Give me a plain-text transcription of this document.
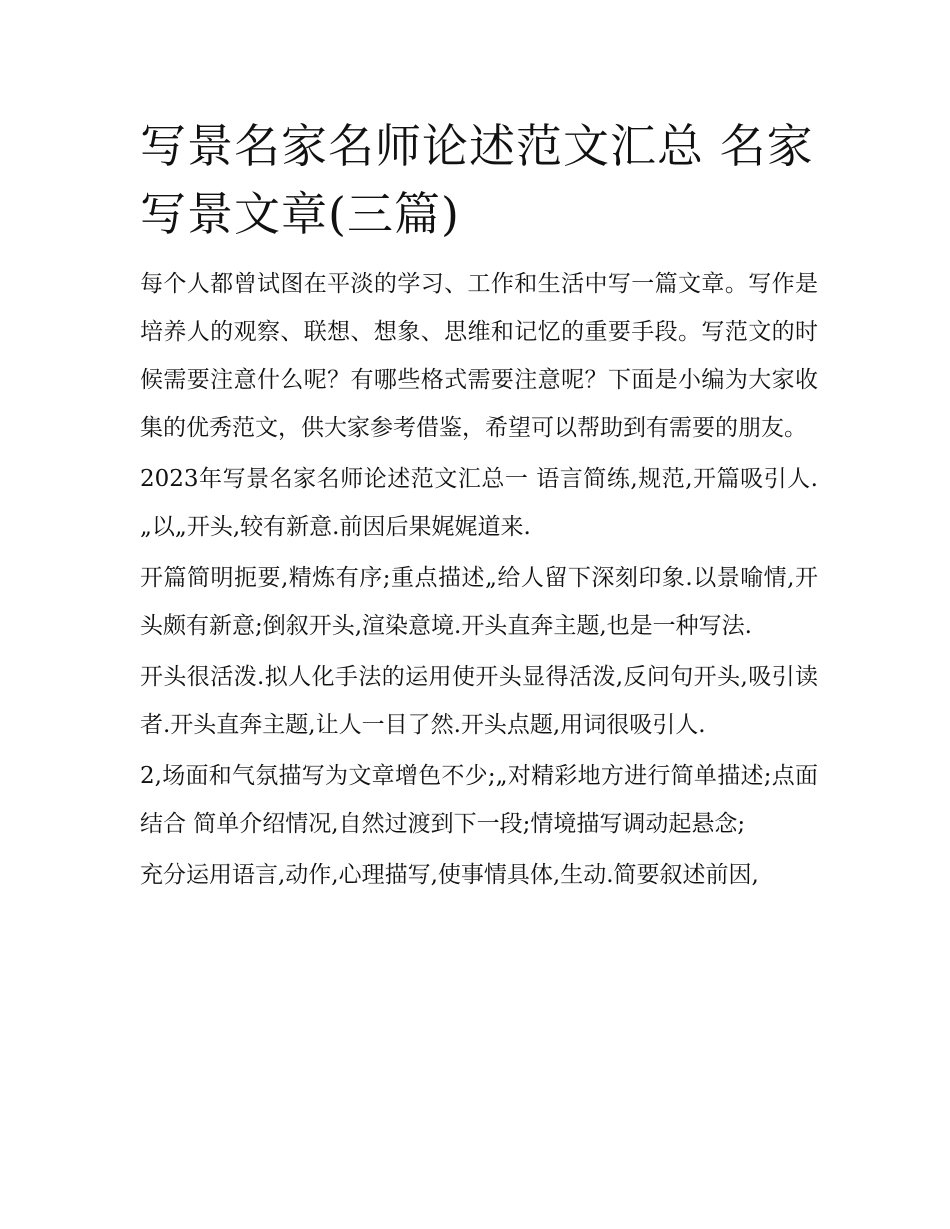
写景名家名师论述范文汇总 名家写景文章(三篇)

每个人都曾试图在平淡的学习、工作和生活中写一篇文章。写作是培养人的观察、联想、想象、思维和记忆的重要手段。写范文的时候需要注意什么呢？有哪些格式需要注意呢？下面是小编为大家收集的优秀范文，供大家参考借鉴，希望可以帮助到有需要的朋友。

2023年写景名家名师论述范文汇总一 语言简练,规范,开篇吸引人.„以„开头,较有新意.前因后果娓娓道来.

开篇简明扼要,精炼有序;重点描述„给人留下深刻印象.以景喻情,开头颇有新意;倒叙开头,渲染意境.开头直奔主题,也是一种写法.

开头很活泼.拟人化手法的运用使开头显得活泼,反问句开头,吸引读者.开头直奔主题,让人一目了然.开头点题,用词很吸引人.

2,场面和气氛描写为文章增色不少;„对精彩地方进行简单描述;点面结合 简单介绍情况,自然过渡到下一段;情境描写调动起悬念;

充分运用语言,动作,心理描写,使事情具体,生动.简要叙述前因,
